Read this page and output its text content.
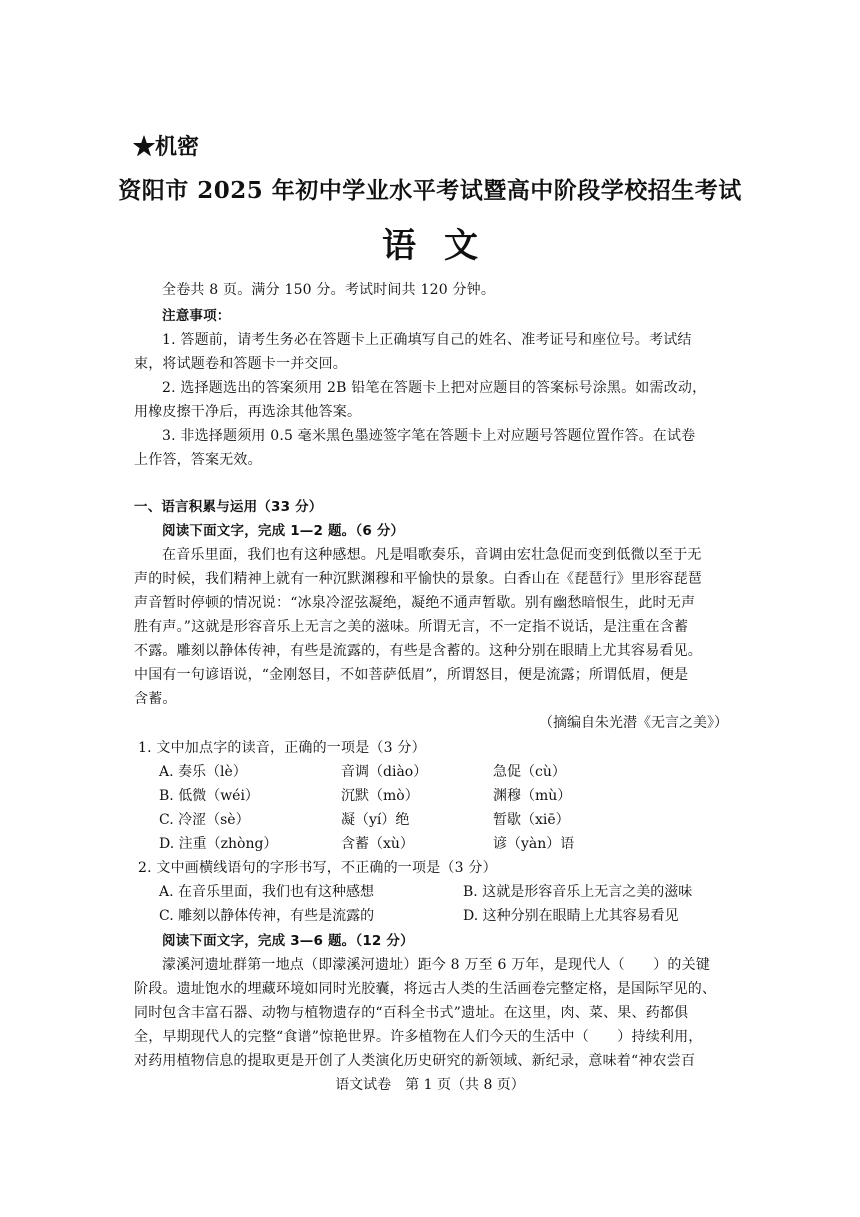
★机密
资阳市 2025 年初中学业水平考试暨高中阶段学校招生考试
语文
全卷共 8 页。满分 150 分。考试时间共 120 分钟。
注意事项：
1. 答题前，请考生务必在答题卡上正确填写自己的姓名、准考证号和座位号。考试结
束，将试题卷和答题卡一并交回。
2. 选择题选出的答案须用 2B 铅笔在答题卡上把对应题目的答案标号涂黑。如需改动，
用橡皮擦干净后，再选涂其他答案。
3. 非选择题须用 0.5 毫米黑色墨迹签字笔在答题卡上对应题号答题位置作答。在试卷
上作答，答案无效。
一、语言积累与运用（33 分）
阅读下面文字，完成 1—2 题。（6 分）
在音乐里面，我们也有这种感想。凡是唱歌奏乐，音调由宏壮急促而变到低微以至于无
声的时候，我们精神上就有一种沉默渊穆和平愉快的景象。白香山在《琵琶行》里形容琵琶
声音暂时停顿的情况说：“冰泉冷涩弦凝绝，凝绝不通声暂歇。别有幽愁暗恨生，此时无声
胜有声。”这就是形容音乐上无言之美的滋味。所谓无言，不一定指不说话，是注重在含蓄
不露。雕刻以静体传神，有些是流露的，有些是含蓄的。这种分别在眼睛上尤其容易看见。
中国有一句谚语说，“金刚怒目，不如菩萨低眉”，所谓怒目，便是流露；所谓低眉，便是
含蓄。
（摘编自朱光潜《无言之美》）
1. 文中加点字的读音，正确的一项是（3 分）
A. 奏乐（lè）	音调（diào）	急促（cù）
B. 低微（wéi）	沉默（mò）	渊穆（mù）
C. 冷涩（sè）	凝（yí）绝	暂歇（xiē）
D. 注重（zhòng）	含蓄（xù）	谚（yàn）语
2. 文中画横线语句的字形书写，不正确的一项是（3 分）
A. 在音乐里面，我们也有这种感想	B. 这就是形容音乐上无言之美的滋味
C. 雕刻以静体传神，有些是流露的	D. 这种分别在眼睛上尤其容易看见
阅读下面文字，完成 3—6 题。（12 分）
濛溪河遗址群第一地点（即濛溪河遗址）距今 8 万至 6 万年，是现代人（　　）的关键
阶段。遗址饱水的埋藏环境如同时光胶囊，将远古人类的生活画卷完整定格，是国际罕见的、
同时包含丰富石器、动物与植物遗存的“百科全书式”遗址。在这里，肉、菜、果、药都俱
全，早期现代人的完整“食谱”惊艳世界。许多植物在人们今天的生活中（　　）持续利用，
对药用植物信息的提取更是开创了人类演化历史研究的新领域、新纪录，意味着“神农尝百
语文试卷　第 1 页（共 8 页）
